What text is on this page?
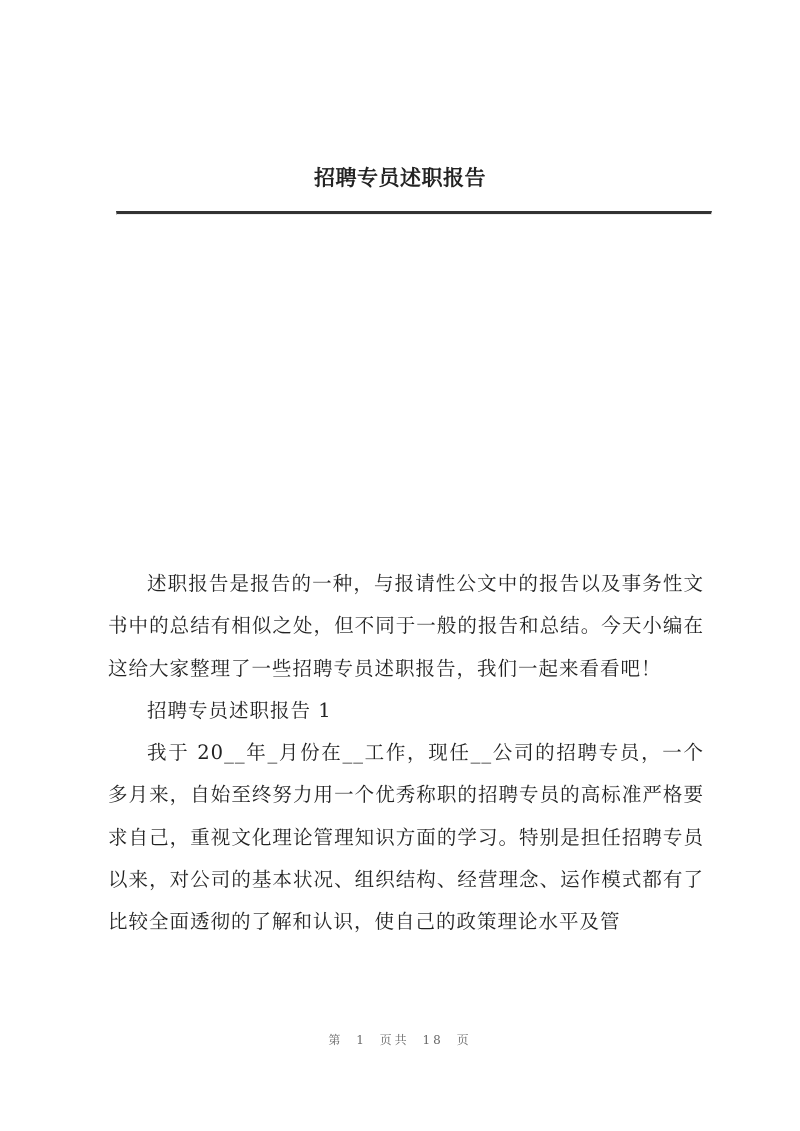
招聘专员述职报告

述职报告是报告的一种，与报请性公文中的报告以及事务性文书中的总结有相似之处，但不同于一般的报告和总结。今天小编在这给大家整理了一些招聘专员述职报告，我们一起来看看吧！

招聘专员述职报告 1

我于 20__年_月份在__工作，现任__公司的招聘专员，一个多月来，自始至终努力用一个优秀称职的招聘专员的高标准严格要求自己，重视文化理论管理知识方面的学习。特别是担任招聘专员以来，对公司的基本状况、组织结构、经营理念、运作模式都有了比较全面透彻的了解和认识，使自己的政策理论水平及管

第 1 页共 18 页
